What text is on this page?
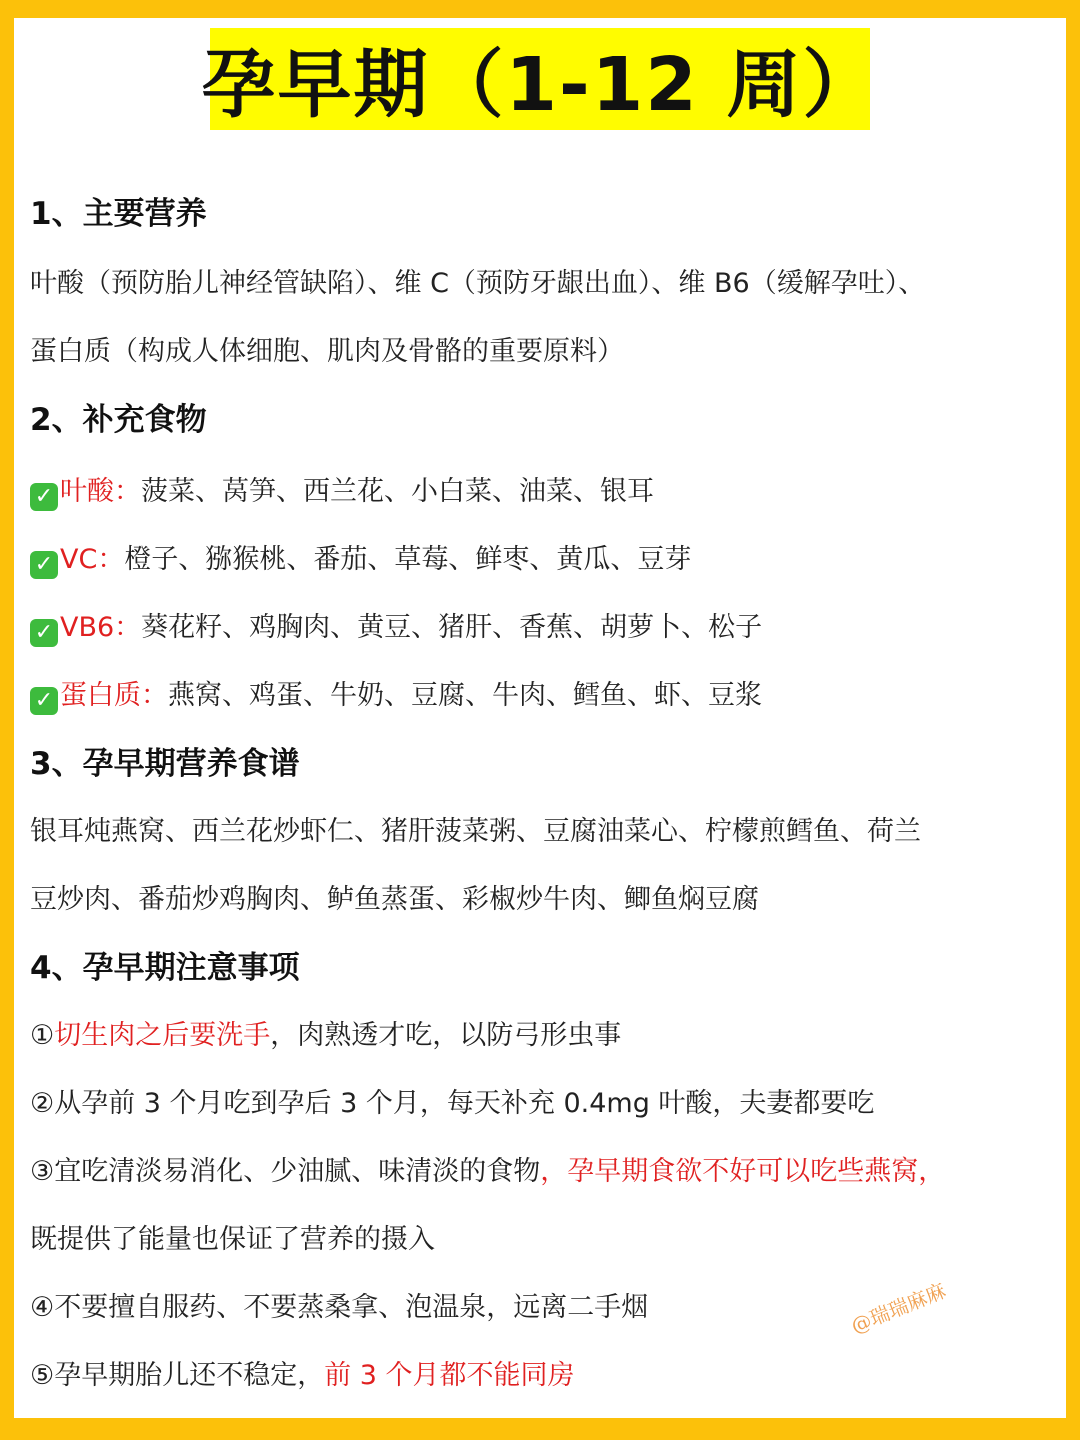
孕早期（1-12 周）
1、主要营养
叶酸（预防胎儿神经管缺陷）、维 C（预防牙龈出血）、维 B6（缓解孕吐）、
蛋白质（构成人体细胞、肌肉及骨骼的重要原料）
2、补充食物
✓ 叶酸：菠菜、莴笋、西兰花、小白菜、油菜、银耳
✓ VC：橙子、猕猴桃、番茄、草莓、鲜枣、黄瓜、豆芽
✓ VB6：葵花籽、鸡胸肉、黄豆、猪肝、香蕉、胡萝卜、松子
✓ 蛋白质：燕窝、鸡蛋、牛奶、豆腐、牛肉、鳕鱼、虾、豆浆
3、孕早期营养食谱
银耳炖燕窝、西兰花炒虾仁、猪肝菠菜粥、豆腐油菜心、柠檬煎鳕鱼、荷兰
豆炒肉、番茄炒鸡胸肉、鲈鱼蒸蛋、彩椒炒牛肉、鲫鱼焖豆腐
4、孕早期注意事项
①切生肉之后要洗手，肉熟透才吃，以防弓形虫事
②从孕前 3 个月吃到孕后 3 个月，每天补充 0.4mg 叶酸，夫妻都要吃
③宜吃清淡易消化、少油腻、味清淡的食物，孕早期食欲不好可以吃些燕窝，
既提供了能量也保证了营养的摄入
④不要擅自服药、不要蒸桑拿、泡温泉，远离二手烟
⑤孕早期胎儿还不稳定，前 3 个月都不能同房
@瑞瑞麻麻
